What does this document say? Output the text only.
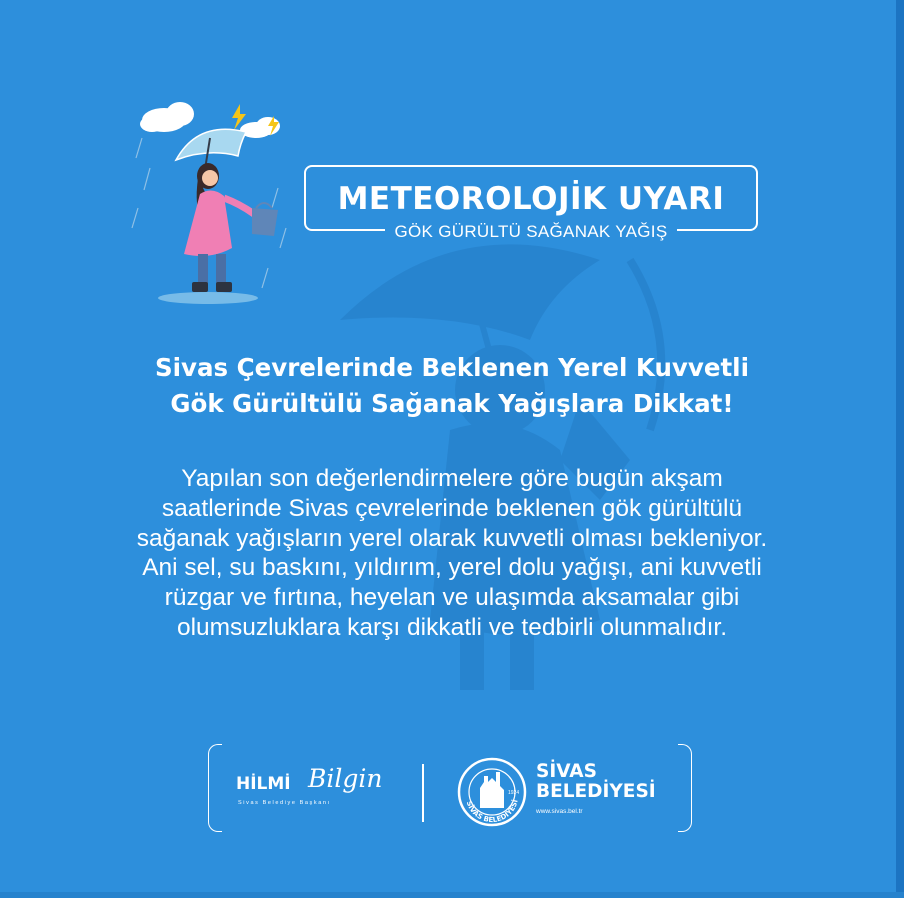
METEOROLOJİK UYARI
GÖK GÜRÜLTÜ SAĞANAK YAĞIŞ
Sivas Çevrelerinde Beklenen Yerel Kuvvetli
Gök Gürültülü Sağanak Yağışlara Dikkat!
Yapılan son değerlendirmelere göre bugün akşam
saatlerinde Sivas çevrelerinde beklenen gök gürültülü
sağanak yağışların yerel olarak kuvvetli olması bekleniyor.
Ani sel, su baskını, yıldırım, yerel dolu yağışı, ani kuvvetli
rüzgar ve fırtına, heyelan ve ulaşımda aksamalar gibi
olumsuzluklara karşı dikkatli ve tedbirli olunmalıdır.
HİLMİ Bilgin
Sivas Belediye Başkanı
1924
SİVAS BELEDİYESİ
SİVAS
BELEDİYESİ
www.sivas.bel.tr
